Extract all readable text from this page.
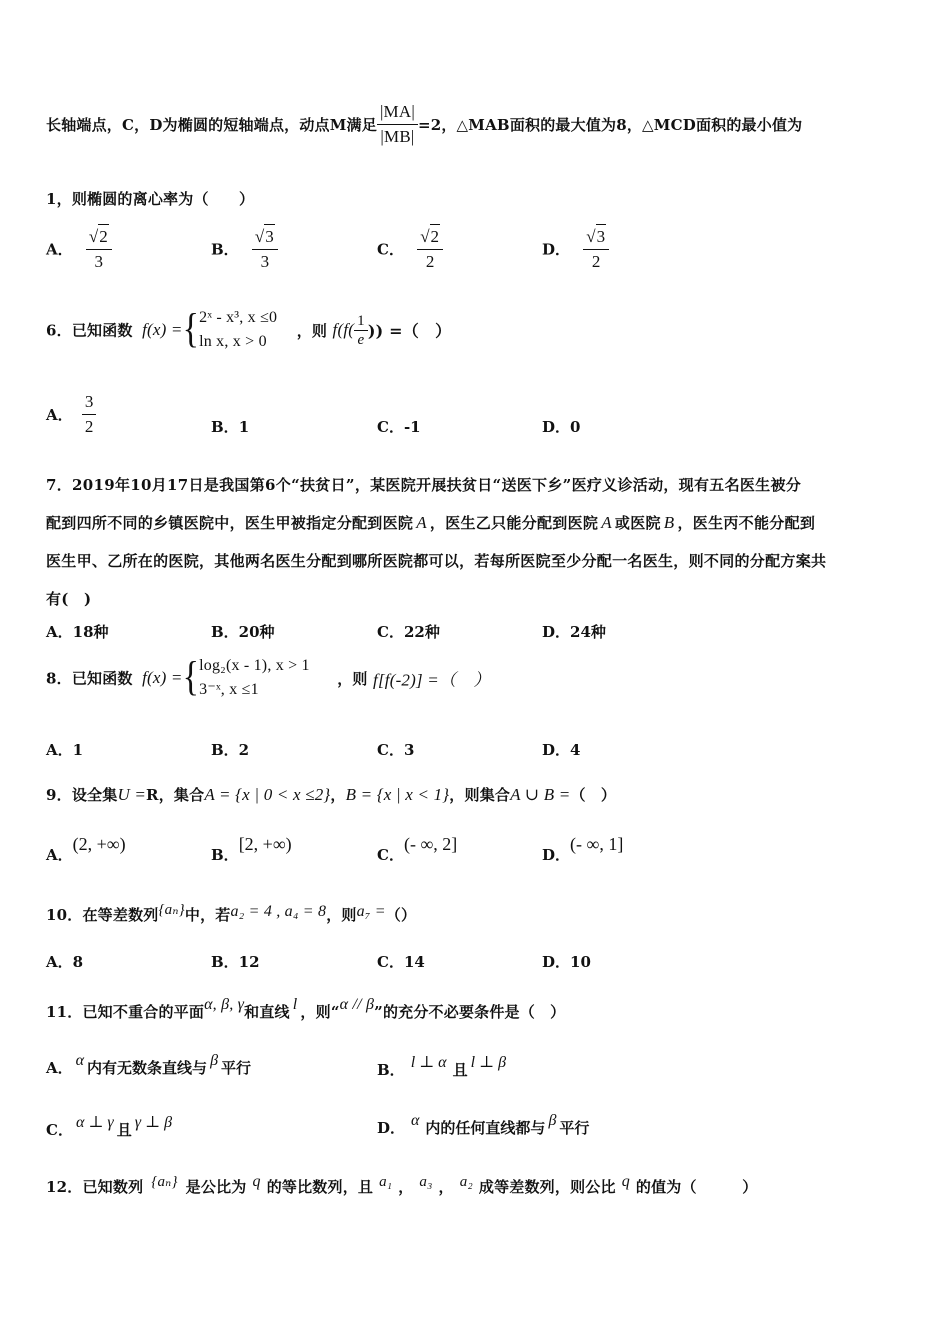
长轴端点，C，D为椭圆的短轴端点，动点M满足 $\frac{|MA|}{|MB|} =2$，△MAB面积的最大值为8，△MCD面积的最小值为
1，则椭圆的离心率为（　　）
A． $\frac{√2}{3}$	B． $\frac{√3}{3}$	C． $\frac{√2}{2}$	D． $\frac{√3}{2}$
6．已知函数 f(x) ={ 2ˣ - x³, x ≤0
ln x, x > 0
，则 $f(f( \frac{1}{e}$ )) =（　）
A． $\frac{3}{2}$	B．1	C．-1	D．0
7．2019年10月17日是我国第6个“扶贫日”，某医院开展扶贫日“送医下乡”医疗义诊活动，现有五名医生被分
配到四所不同的乡镇医院中，医生甲被指定分配到医院 A ，医生乙只能分配到医院 A 或医院 B ，医生丙不能分配到
医生甲、乙所在的医院，其他两名医生分配到哪所医院都可以，若每所医院至少分配一名医生，则不同的分配方案共
有(　)
A．18种	B．20种	C．22种	D．24种
8．已知函数 f(x) ={ log₂(x - 1), x > 1
3⁻ˣ, x ≤1
，则 f[f(-2)] =（　）
A．1	B．2	C．3	D．4
9．设全集U =R，集合A = {x | 0 < x ≤2}，B = {x | x < 1}，则集合A ∪ B =（　）
A．(2, +∞)
B．[2, +∞)
C．(- ∞, 2]
D．(- ∞, 1]
10．在等差数列{aₙ}中，若a₂ = 4 , a₄ = 8，则a₇ =（）
A．8	B．12	C．14	D．10
11．已知不重合的平面α, β, γ和直线 l ，则“α // β”的充分不必要条件是（　）
A． α 内有无数条直线与 β 平行	B． l ⊥ α 且 l ⊥ β
C． α ⊥ γ 且 γ ⊥ β	D． α 内的任何直线都与 β 平行
12．已知数列 {aₙ} 是公比为 q 的等比数列，且 a₁ ， a₃ ， a₂ 成等差数列，则公比 q 的值为（　　　）
